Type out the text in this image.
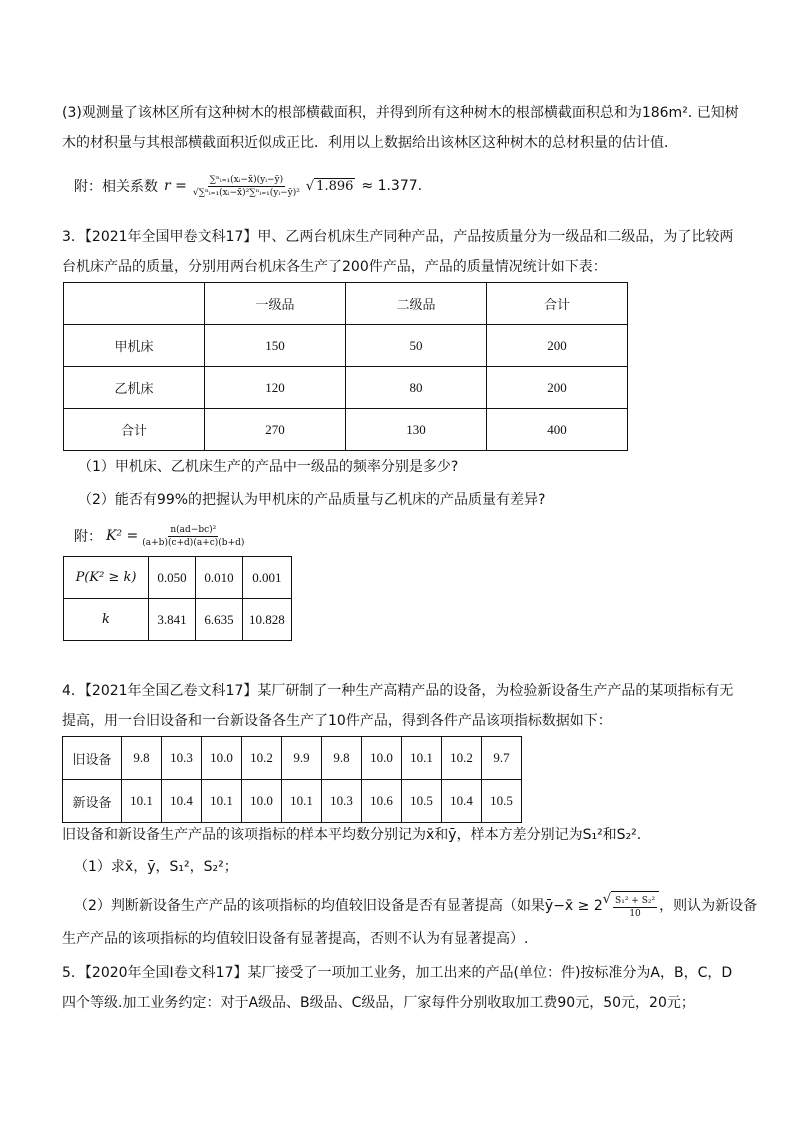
(3)观测量了该林区所有这种树木的根部横截面积，并得到所有这种树木的根部横截面积总和为186m². 已知树木的材积量与其根部横截面积近似成正比．利用以上数据给出该林区这种树木的总材积量的估计值．

附：相关系数 $r = \frac{\text{∑ⁿᵢ₌₁(xᵢ−x̄)(yᵢ−ȳ)}}{\text{√∑ⁿᵢ₌₁(xᵢ−x̄)²∑ⁿᵢ₌₁(yᵢ−ȳ)²}}$ √ 1.896 ≈ 1.377.

3．【2021年全国甲卷文科17】甲、乙两台机床生产同种产品，产品按质量分为一级品和二级品，为了比较两台机床产品的质量，分别用两台机床各生产了200件产品，产品的质量情况统计如下表：

	一级品	二级品	合计
甲机床	150	50	200
乙机床	120	80	200
合计	270	130	400
（1）甲机床、乙机床生产的产品中一级品的频率分别是多少?
（2）能否有99%的把握认为甲机床的产品质量与乙机床的产品质量有差异?
附： $K^2 = \frac{\text{n(ad−bc)²}}{(a+b)(c+d)(a+c)(b+d)}$
P(K² ≥ k)	0.050	0.010	0.001
k	3.841	6.635	10.828

4．【2021年全国乙卷文科17】某厂研制了一种生产高精产品的设备，为检验新设备生产产品的某项指标有无提高，用一台旧设备和一台新设备各生产了10件产品，得到各件产品该项指标数据如下：

旧设备	9.8	10.3	10.0	10.2	9.9	9.8	10.0	10.1	10.2	9.7
新设备	10.1	10.4	10.1	10.0	10.1	10.3	10.6	10.5	10.4	10.5
旧设备和新设备生产产品的该项指标的样本平均数分别记为x̄和ȳ，样本方差分别记为S₁²和S₂².
（1）求x̄，ȳ，S₁²，S₂²；
（2）判断新设备生产产品的该项指标的均值较旧设备是否有显著提高（如果ȳ−x̄ ≥ 2 √ $\frac{\text{S₁² + S₂²}}{10}$ ，则认为新设备
生产产品的该项指标的均值较旧设备有显著提高，否则不认为有显著提高）.

5．【2020年全国I卷文科17】某厂接受了一项加工业务，加工出来的产品(单位：件)按标准分为A，B，C，D四个等级.加工业务约定：对于A级品、B级品、C级品，厂家每件分别收取加工费90元，50元，20元；
